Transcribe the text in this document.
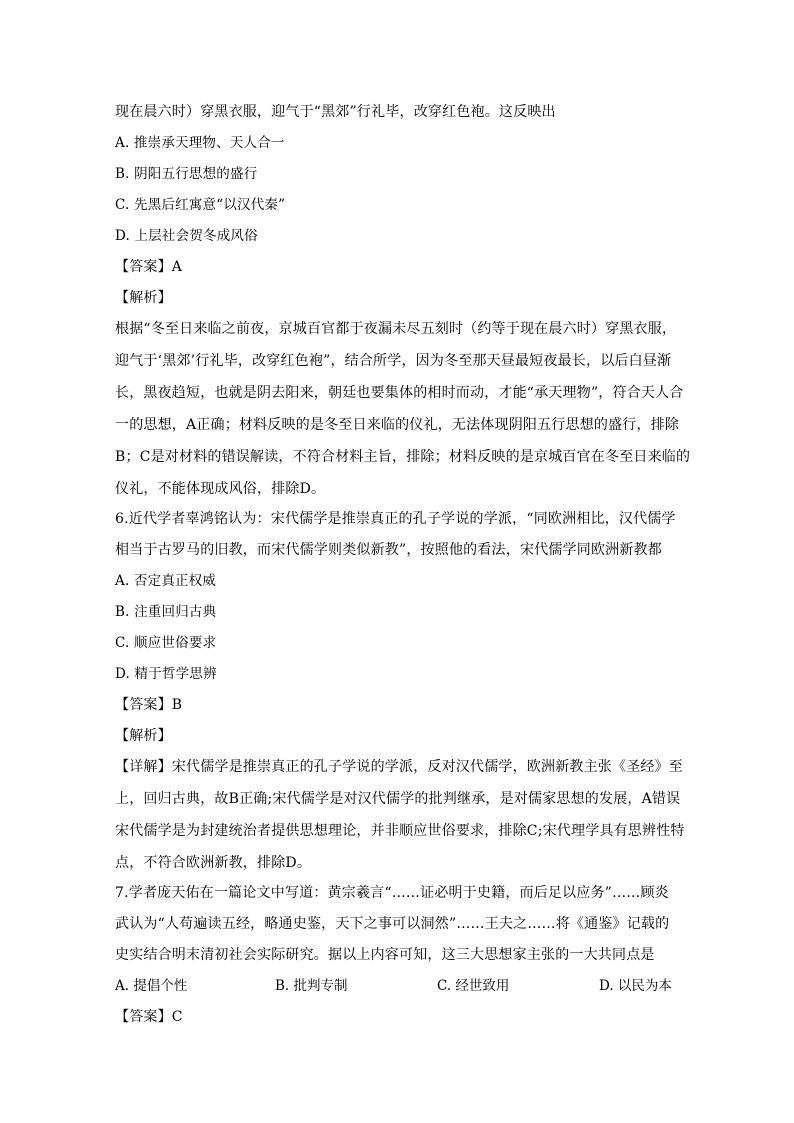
现在晨六时）穿黑衣服，迎气于“黑郊”行礼毕，改穿红色袍。这反映出
A. 推崇承天理物、天人合一
B. 阴阳五行思想的盛行
C. 先黑后红寓意“以汉代秦”
D. 上层社会贺冬成风俗
【答案】A
【解析】
根据“冬至日来临之前夜，京城百官都于夜漏未尽五刻时（约等于现在晨六时）穿黑衣服，
迎气于‘黑郊’行礼毕，改穿红色袍”，结合所学，因为冬至那天昼最短夜最长，以后白昼渐
长，黑夜趋短，也就是阴去阳来，朝廷也要集体的相时而动，才能“承天理物”，符合天人合
一的思想，A正确；材料反映的是冬至日来临的仪礼，无法体现阴阳五行思想的盛行，排除
B；C是对材料的错误解读，不符合材料主旨，排除；材料反映的是京城百官在冬至日来临的
仪礼，不能体现成风俗，排除D。
6.近代学者辜鸿铭认为：宋代儒学是推崇真正的孔子学说的学派，“同欧洲相比，汉代儒学
相当于古罗马的旧教，而宋代儒学则类似新教”，按照他的看法，宋代儒学同欧洲新教都
A. 否定真正权威
B. 注重回归古典
C. 顺应世俗要求
D. 精于哲学思辨
【答案】B
【解析】
【详解】宋代儒学是推崇真正的孔子学说的学派，反对汉代儒学，欧洲新教主张《圣经》至
上，回归古典，故B正确;宋代儒学是对汉代儒学的批判继承，是对儒家思想的发展，A错误
宋代儒学是为封建统治者提供思想理论，并非顺应世俗要求，排除C;宋代理学具有思辨性特
点，不符合欧洲新教，排除D。
7.学者庞天佑在一篇论文中写道：黄宗羲言“……证必明于史籍，而后足以应务”……顾炎
武认为“人苟遍读五经，略通史鉴，天下之事可以洞然”……王夫之……将《通鉴》记载的
史实结合明末清初社会实际研究。据以上内容可知，这三大思想家主张的一大共同点是
A. 提倡个性	B. 批判专制	C. 经世致用	D. 以民为本
【答案】C
